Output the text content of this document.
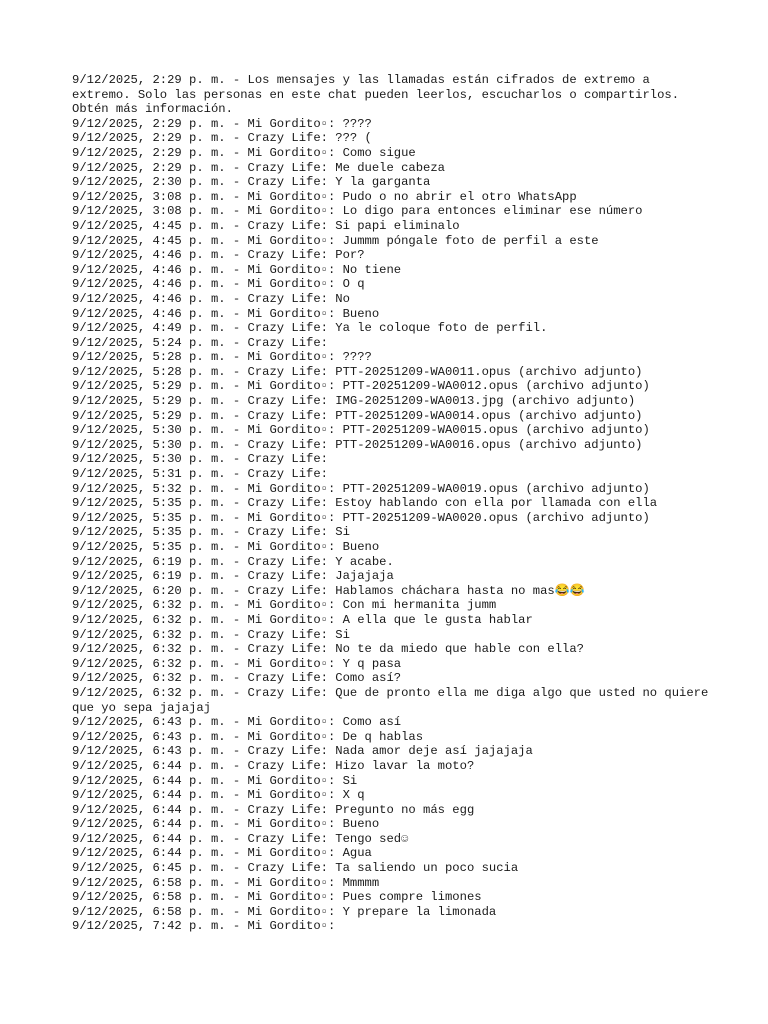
9/12/2025, 2:29 p. m. - Los mensajes y las llamadas están cifrados de extremo a extremo. Solo las personas en este chat pueden leerlos, escucharlos o compartirlos. Obtén más información.
9/12/2025, 2:29 p. m. - Mi Gordito▫: ????
9/12/2025, 2:29 p. m. - Crazy Life: ??? (
9/12/2025, 2:29 p. m. - Mi Gordito▫: Como sigue
9/12/2025, 2:29 p. m. - Crazy Life: Me duele cabeza
9/12/2025, 2:30 p. m. - Crazy Life: Y la garganta
9/12/2025, 3:08 p. m. - Mi Gordito▫: Pudo o no abrir el otro WhatsApp
9/12/2025, 3:08 p. m. - Mi Gordito▫: Lo digo para entonces eliminar ese número
9/12/2025, 4:45 p. m. - Crazy Life: Si papi eliminalo
9/12/2025, 4:45 p. m. - Mi Gordito▫: Jummm póngale foto de perfil a este
9/12/2025, 4:46 p. m. - Crazy Life: Por?
9/12/2025, 4:46 p. m. - Mi Gordito▫: No tiene
9/12/2025, 4:46 p. m. - Mi Gordito▫: O q
9/12/2025, 4:46 p. m. - Crazy Life: No
9/12/2025, 4:46 p. m. - Mi Gordito▫: Bueno
9/12/2025, 4:49 p. m. - Crazy Life: Ya le coloque foto de perfil.
9/12/2025, 5:24 p. m. - Crazy Life:
9/12/2025, 5:28 p. m. - Mi Gordito▫: ????
9/12/2025, 5:28 p. m. - Crazy Life: PTT-20251209-WA0011.opus (archivo adjunto)
9/12/2025, 5:29 p. m. - Mi Gordito▫: PTT-20251209-WA0012.opus (archivo adjunto)
9/12/2025, 5:29 p. m. - Crazy Life: IMG-20251209-WA0013.jpg (archivo adjunto)
9/12/2025, 5:29 p. m. - Crazy Life: PTT-20251209-WA0014.opus (archivo adjunto)
9/12/2025, 5:30 p. m. - Mi Gordito▫: PTT-20251209-WA0015.opus (archivo adjunto)
9/12/2025, 5:30 p. m. - Crazy Life: PTT-20251209-WA0016.opus (archivo adjunto)
9/12/2025, 5:30 p. m. - Crazy Life:
9/12/2025, 5:31 p. m. - Crazy Life:
9/12/2025, 5:32 p. m. - Mi Gordito▫: PTT-20251209-WA0019.opus (archivo adjunto)
9/12/2025, 5:35 p. m. - Crazy Life: Estoy hablando con ella por llamada con ella
9/12/2025, 5:35 p. m. - Mi Gordito▫: PTT-20251209-WA0020.opus (archivo adjunto)
9/12/2025, 5:35 p. m. - Crazy Life: Si
9/12/2025, 5:35 p. m. - Mi Gordito▫: Bueno
9/12/2025, 6:19 p. m. - Crazy Life: Y acabe.
9/12/2025, 6:19 p. m. - Crazy Life: Jajajaja
9/12/2025, 6:20 p. m. - Crazy Life: Hablamos cháchara hasta no mas😂😂
9/12/2025, 6:32 p. m. - Mi Gordito▫: Con mi hermanita jumm
9/12/2025, 6:32 p. m. - Mi Gordito▫: A ella que le gusta hablar
9/12/2025, 6:32 p. m. - Crazy Life: Si
9/12/2025, 6:32 p. m. - Crazy Life: No te da miedo que hable con ella?
9/12/2025, 6:32 p. m. - Mi Gordito▫: Y q pasa
9/12/2025, 6:32 p. m. - Crazy Life: Como así?
9/12/2025, 6:32 p. m. - Crazy Life: Que de pronto ella me diga algo que usted no quiere que yo sepa jajajaj
9/12/2025, 6:43 p. m. - Mi Gordito▫: Como así
9/12/2025, 6:43 p. m. - Mi Gordito▫: De q hablas
9/12/2025, 6:43 p. m. - Crazy Life: Nada amor deje así jajajaja
9/12/2025, 6:44 p. m. - Crazy Life: Hizo lavar la moto?
9/12/2025, 6:44 p. m. - Mi Gordito▫: Si
9/12/2025, 6:44 p. m. - Mi Gordito▫: X q
9/12/2025, 6:44 p. m. - Crazy Life: Pregunto no más egg
9/12/2025, 6:44 p. m. - Mi Gordito▫: Bueno
9/12/2025, 6:44 p. m. - Crazy Life: Tengo sed☺
9/12/2025, 6:44 p. m. - Mi Gordito▫: Agua
9/12/2025, 6:45 p. m. - Crazy Life: Ta saliendo un poco sucia
9/12/2025, 6:58 p. m. - Mi Gordito▫: Mmmmm
9/12/2025, 6:58 p. m. - Mi Gordito▫: Pues compre limones
9/12/2025, 6:58 p. m. - Mi Gordito▫: Y prepare la limonada
9/12/2025, 7:42 p. m. - Mi Gordito▫:
